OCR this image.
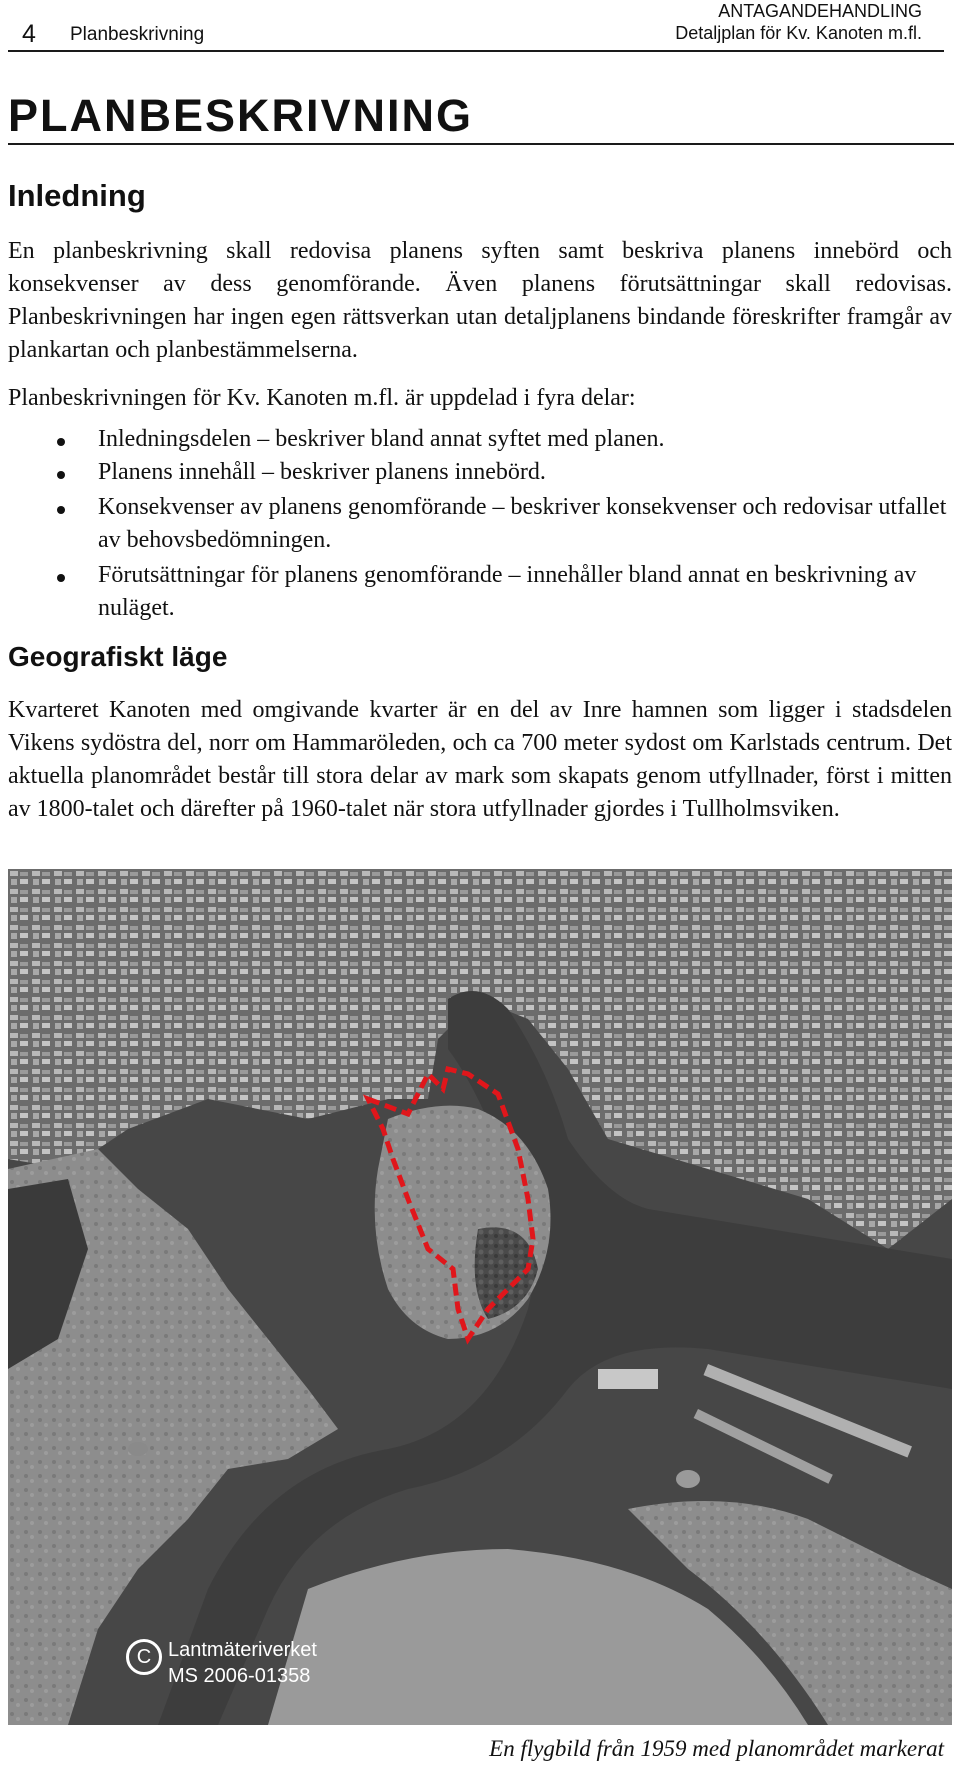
4 Planbeskrivning
ANTAGANDEHANDLING
Detaljplan för Kv. Kanoten m.fl.
PLANBESKRIVNING
Inledning

En planbeskrivning skall redovisa planens syften samt beskriva planens innebörd och konsekvenser av dess genomförande. Även planens förutsättningar skall redovisas. Planbeskrivningen har ingen egen rättsverkan utan detaljplanens bindande föreskrifter framgår av plankartan och planbestämmelserna.

Planbeskrivningen för Kv. Kanoten m.fl. är uppdelad i fyra delar:

Inledningsdelen – beskriver bland annat syftet med planen.
Planens innehåll – beskriver planens innebörd.
Konsekvenser av planens genomförande – beskriver konsekvenser och redovisar utfallet av behovsbedömningen.
Förutsättningar för planens genomförande – innehåller bland annat en beskrivning av nuläget.
Geografiskt läge

Kvarteret Kanoten med omgivande kvarter är en del av Inre hamnen som ligger i stadsdelen Vikens sydöstra del, norr om Hammaröleden, och ca 700 meter sydost om Karlstads centrum. Det aktuella planområdet består till stora delar av mark som skapats genom utfyllnader, först i mitten av 1800-talet och därefter på 1960-talet när stora utfyllnader gjordes i Tullholmsviken.

C Lantmäteriverket
MS 2006-01358
En flygbild från 1959 med planområdet markerat
